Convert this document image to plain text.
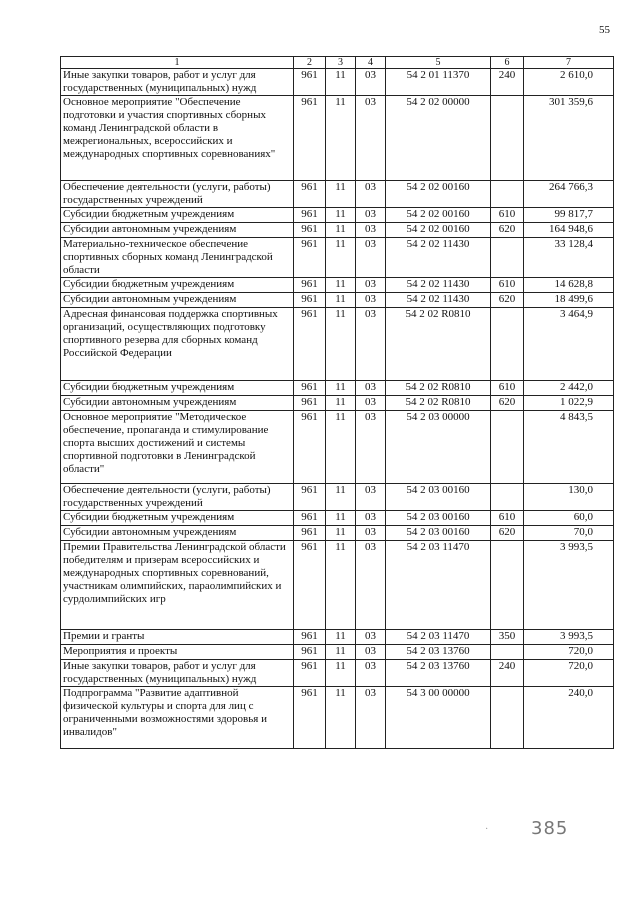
55
1	2	3	4	5	6	7
Иные закупки товаров, работ и услуг для государственных (муниципальных) нужд	961	11	03	54 2 01 11370	240	2 610,0
Основное мероприятие "Обеспечение подготовки и участия спортивных сборных команд Ленинградской области в межрегиональных, всероссийских и международных спортивных соревнованиях"	961	11	03	54 2 02 00000		301 359,6
Обеспечение деятельности (услуги, работы) государственных учреждений	961	11	03	54 2 02 00160		264 766,3
Субсидии бюджетным учреждениям	961	11	03	54 2 02 00160	610	99 817,7
Субсидии автономным учреждениям	961	11	03	54 2 02 00160	620	164 948,6
Материально-техническое обеспечение спортивных сборных команд Ленинградской области	961	11	03	54 2 02 11430		33 128,4
Субсидии бюджетным учреждениям	961	11	03	54 2 02 11430	610	14 628,8
Субсидии автономным учреждениям	961	11	03	54 2 02 11430	620	18 499,6
Адресная финансовая поддержка спортивных организаций, осуществляющих подготовку спортивного резерва для сборных команд Российской Федерации	961	11	03	54 2 02 R0810		3 464,9
Субсидии бюджетным учреждениям	961	11	03	54 2 02 R0810	610	2 442,0
Субсидии автономным учреждениям	961	11	03	54 2 02 R0810	620	1 022,9
Основное мероприятие "Методическое обеспечение, пропаганда и стимулирование спорта высших достижений и системы спортивной подготовки в Ленинградской области"	961	11	03	54 2 03 00000		4 843,5
Обеспечение деятельности (услуги, работы) государственных учреждений	961	11	03	54 2 03 00160		130,0
Субсидии бюджетным учреждениям	961	11	03	54 2 03 00160	610	60,0
Субсидии автономным учреждениям	961	11	03	54 2 03 00160	620	70,0
Премии Правительства Ленинградской области победителям и призерам всероссийских и международных спортивных соревнований, участникам олимпийских, параолимпийских и сурдолимпийских игр	961	11	03	54 2 03 11470		3 993,5
Премии и гранты	961	11	03	54 2 03 11470	350	3 993,5
Мероприятия и проекты	961	11	03	54 2 03 13760		720,0
Иные закупки товаров, работ и услуг для государственных (муниципальных) нужд	961	11	03	54 2 03 13760	240	720,0
Подпрограмма "Развитие адаптивной физической культуры и спорта для лиц с ограниченными возможностями здоровья и инвалидов"	961	11	03	54 3 00 00000		240,0
· 385
